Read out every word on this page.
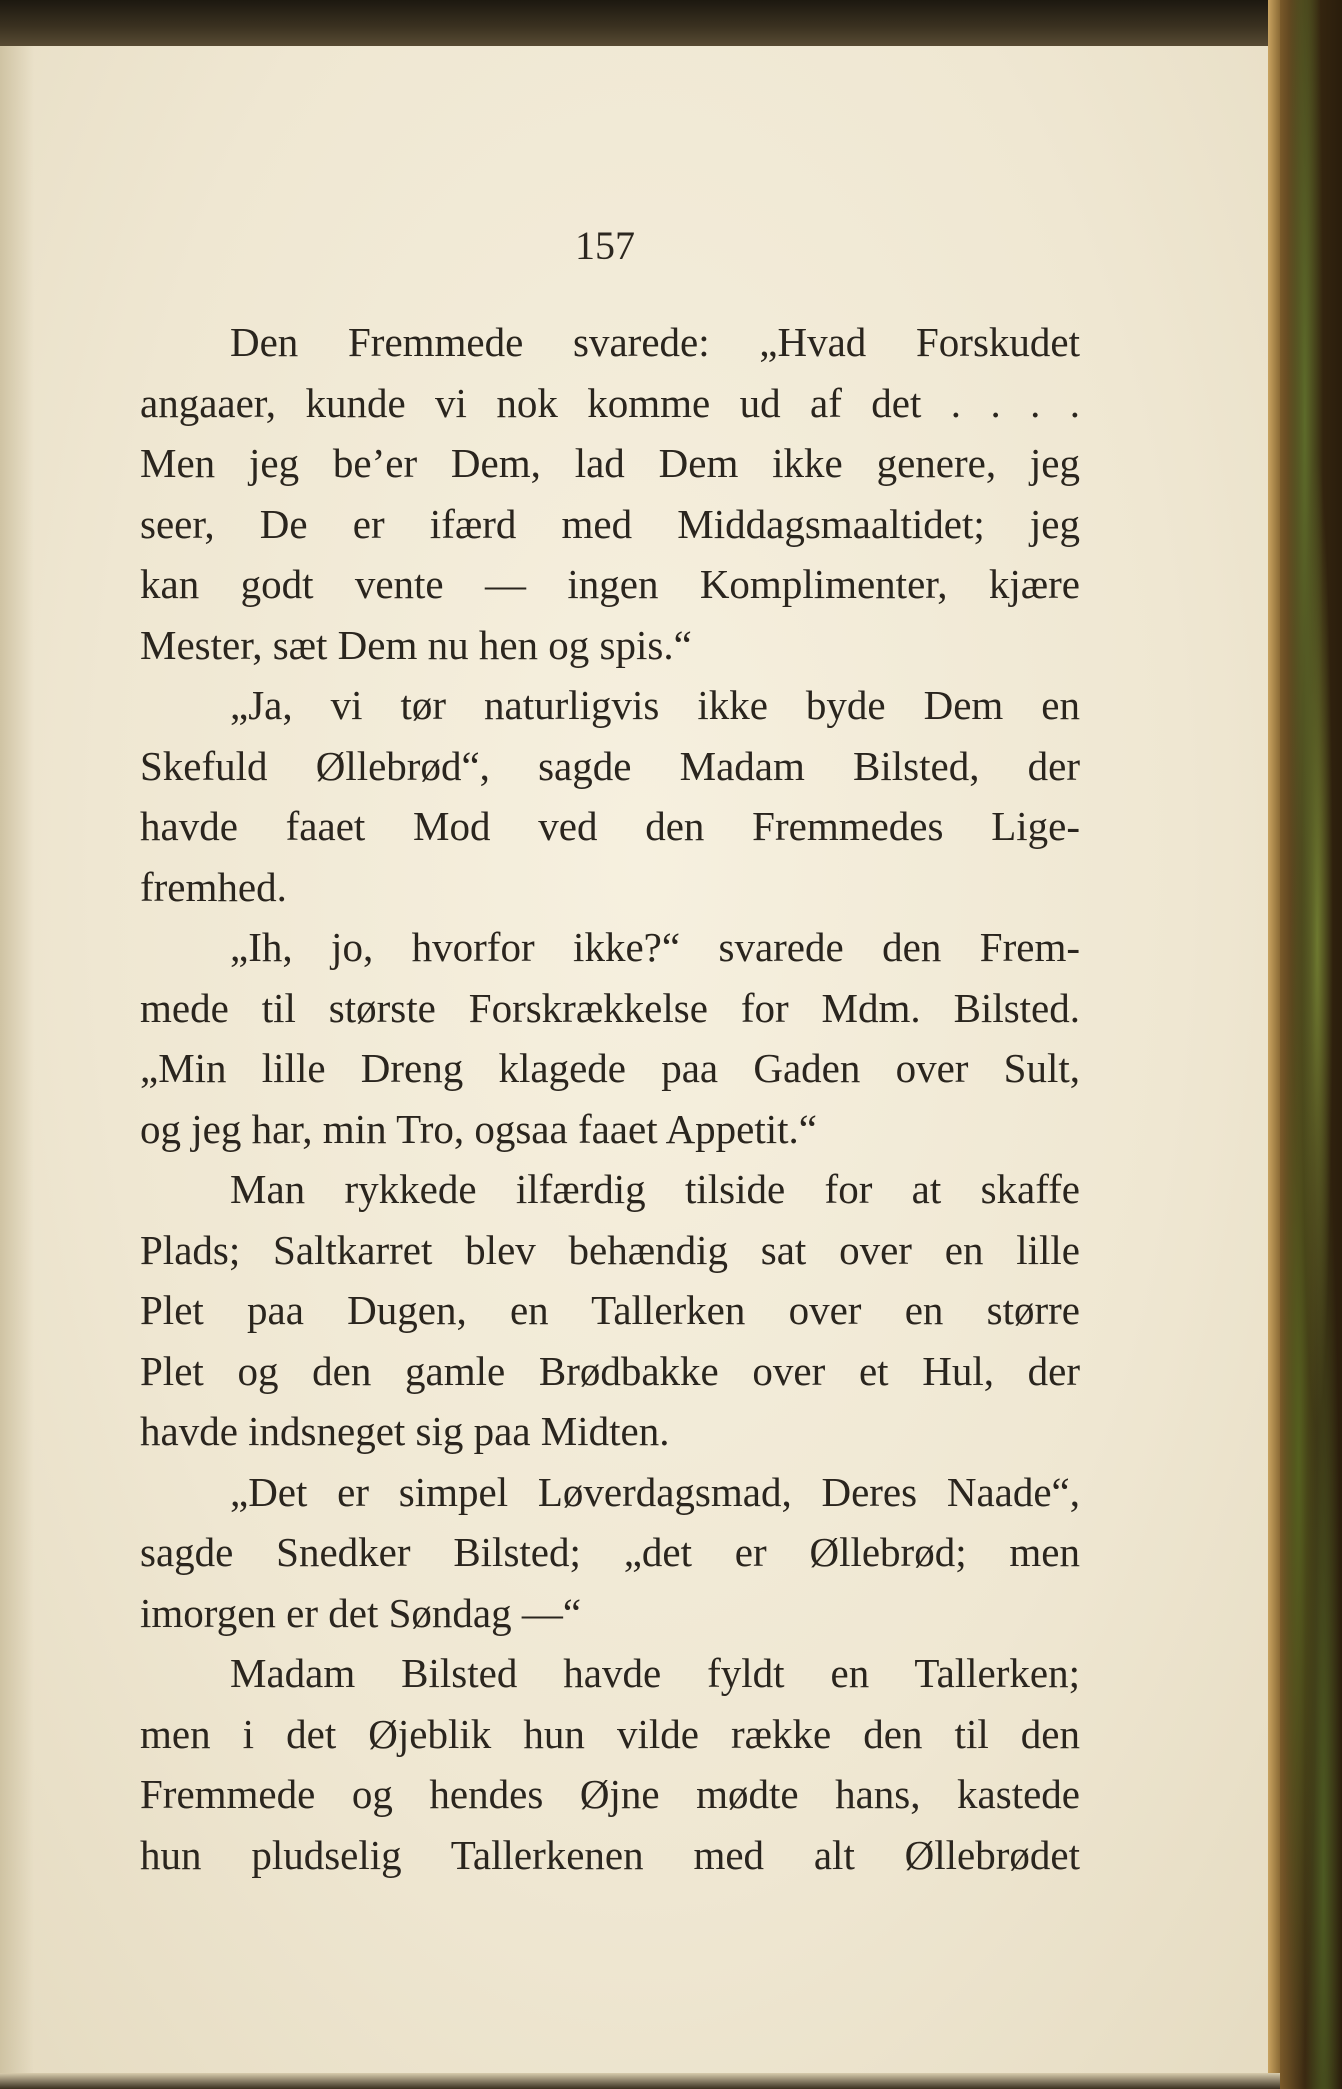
157
Den Fremmede svarede: „Hvad Forskudet
angaaer, kunde vi nok komme ud af det . . . .
Men jeg be’er Dem, lad Dem ikke genere, jeg
seer, De er ifærd med Middagsmaaltidet; jeg
kan godt vente — ingen Komplimenter, kjære
Mester, sæt Dem nu hen og spis.“
„Ja, vi tør naturligvis ikke byde Dem en
Skefuld Øllebrød“, sagde Madam Bilsted, der
havde faaet Mod ved den Fremmedes Lige-
fremhed.
„Ih, jo, hvorfor ikke?“ svarede den Frem-
mede til største Forskrækkelse for Mdm. Bilsted.
„Min lille Dreng klagede paa Gaden over Sult,
og jeg har, min Tro, ogsaa faaet Appetit.“
Man rykkede ilfærdig tilside for at skaffe
Plads; Saltkarret blev behændig sat over en lille
Plet paa Dugen, en Tallerken over en større
Plet og den gamle Brødbakke over et Hul, der
havde indsneget sig paa Midten.
„Det er simpel Løverdagsmad, Deres Naade“,
sagde Snedker Bilsted; „det er Øllebrød; men
imorgen er det Søndag —“
Madam Bilsted havde fyldt en Tallerken;
men i det Øjeblik hun vilde række den til den
Fremmede og hendes Øjne mødte hans, kastede
hun pludselig Tallerkenen med alt Øllebrødet
